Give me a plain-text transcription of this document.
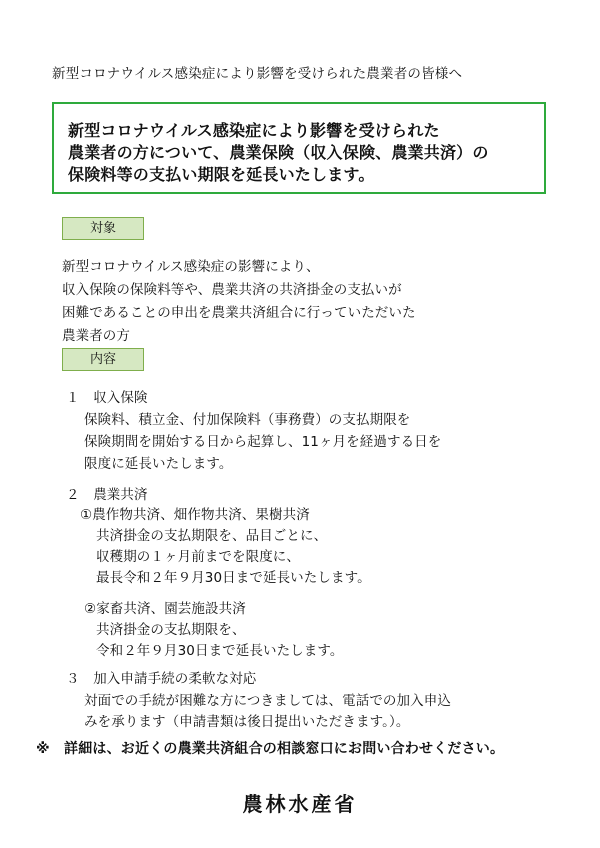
新型コロナウイルス感染症により影響を受けられた農業者の皆様へ
新型コロナウイルス感染症により影響を受けられた
農業者の方について、農業保険（収入保険、農業共済）の
保険料等の支払い期限を延長いたします。
対象
新型コロナウイルス感染症の影響により、
収入保険の保険料等や、農業共済の共済掛金の支払いが
困難であることの申出を農業共済組合に行っていただいた
農業者の方
内容
１　収入保険
保険料、積立金、付加保険料（事務費）の支払期限を
保険期間を開始する日から起算し、11ヶ月を経過する日を
限度に延長いたします。
２　農業共済
①農作物共済、畑作物共済、果樹共済
共済掛金の支払期限を、品目ごとに、
収穫期の１ヶ月前までを限度に、
最長令和２年９月30日まで延長いたします。
②家畜共済、園芸施設共済
共済掛金の支払期限を、
令和２年９月30日まで延長いたします。
３　加入申請手続の柔軟な対応
対面での手続が困難な方につきましては、電話での加入申込
みを承ります（申請書類は後日提出いただきます。）。
※　詳細は、お近くの農業共済組合の相談窓口にお問い合わせください。
農林水産省
